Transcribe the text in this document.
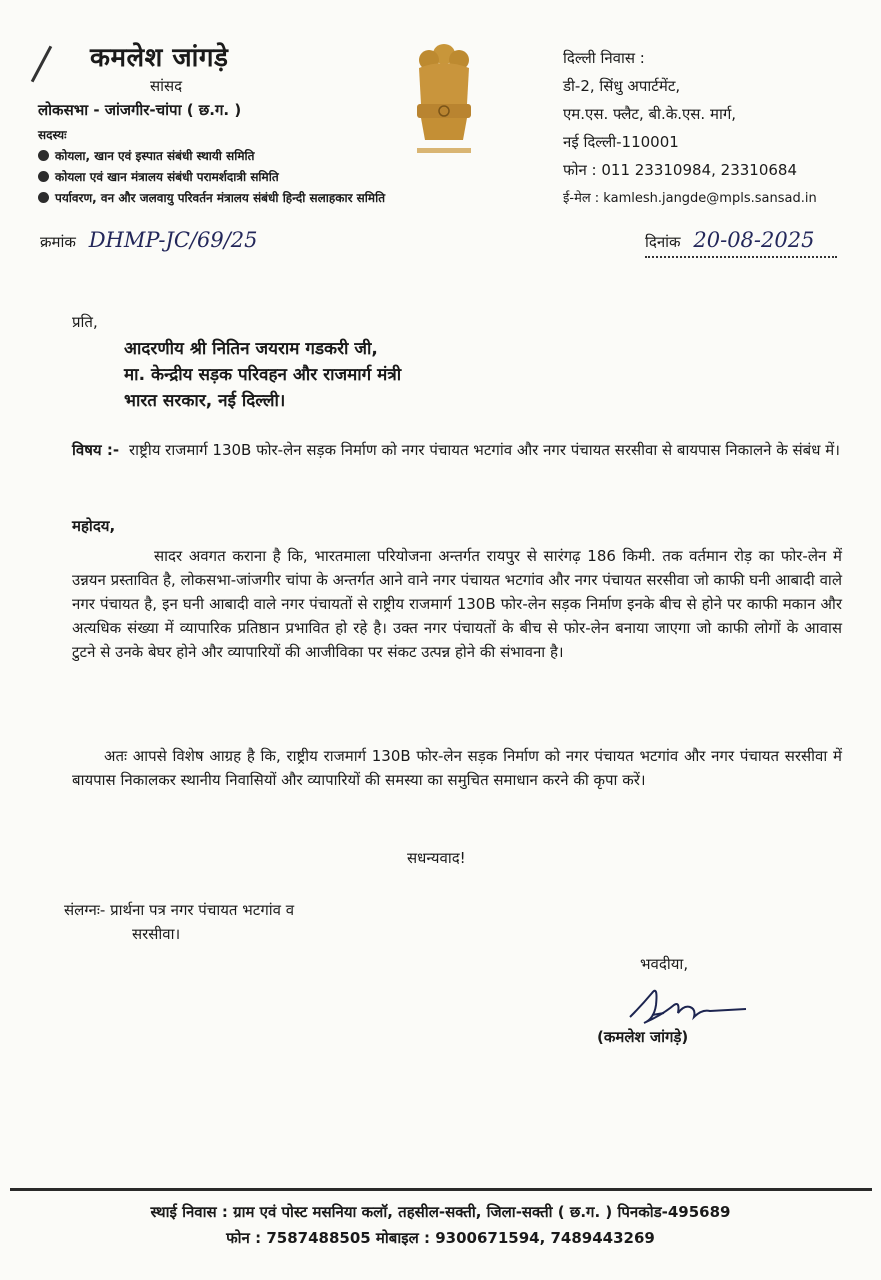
कमलेश जांगड़े
सांसद
लोकसभा - जांजगीर-चांपा ( छ.ग. )
सदस्यः
कोयला, खान एवं इस्पात संबंधी स्थायी समिति
कोयला एवं खान मंत्रालय संबंधी परामर्शदात्री समिति
पर्यावरण, वन और जलवायु परिवर्तन मंत्रालय संबंधी हिन्दी सलाहकार समिति
दिल्ली निवास :
डी-2, सिंधु अपार्टमेंट,
एम.एस. फ्लैट, बी.के.एस. मार्ग,
नई दिल्ली-110001
फोन : 011 23310984, 23310684
ई-मेल : kamlesh.jangde@mpls.sansad.in
क्रमांक DHMP-JC/69/25	दिनांक 20-08-2025
प्रति,
आदरणीय श्री नितिन जयराम गडकरी जी,
मा. केन्द्रीय सड़क परिवहन और राजमार्ग मंत्री
भारत सरकार, नई दिल्ली।
विषय :- राष्ट्रीय राजमार्ग 130B फोर-लेन सड़क निर्माण को नगर पंचायत भटगांव और नगर पंचायत सरसीवा से बायपास निकालने के संबंध में।
महोदय,
सादर अवगत कराना है कि, भारतमाला परियोजना अन्तर्गत रायपुर से सारंगढ़ 186 किमी. तक वर्तमान रोड़ का फोर-लेन में उन्नयन प्रस्तावित है, लोकसभा-जांजगीर चांपा के अन्तर्गत आने वाने नगर पंचायत भटगांव और नगर पंचायत सरसीवा जो काफी घनी आबादी वाले नगर पंचायत है, इन घनी आबादी वाले नगर पंचायतों से राष्ट्रीय राजमार्ग 130B फोर-लेन सड़क निर्माण इनके बीच से होने पर काफी मकान और अत्यधिक संख्या में व्यापारिक प्रतिष्ठान प्रभावित हो रहे है। उक्त नगर पंचायतों के बीच से फोर-लेन बनाया जाएगा जो काफी लोगों के आवास टुटने से उनके बेघर होने और व्यापारियों की आजीविका पर संकट उत्पन्न होने की संभावना है।
अतः आपसे विशेष आग्रह है कि, राष्ट्रीय राजमार्ग 130B फोर-लेन सड़क निर्माण को नगर पंचायत भटगांव और नगर पंचायत सरसीवा में बायपास निकालकर स्थानीय निवासियों और व्यापारियों की समस्या का समुचित समाधान करने की कृपा करें।
सधन्यवाद!
संलग्नः- प्रार्थना पत्र नगर पंचायत भटगांव व
सरसीवा।
भवदीया,
(कमलेश जांगड़े)
स्थाई निवास : ग्राम एवं पोस्ट मसनिया कलॉ, तहसील-सक्ती, जिला-सक्ती ( छ.ग. ) पिनकोड-495689
फोन : 7587488505 मोबाइल : 9300671594, 7489443269
